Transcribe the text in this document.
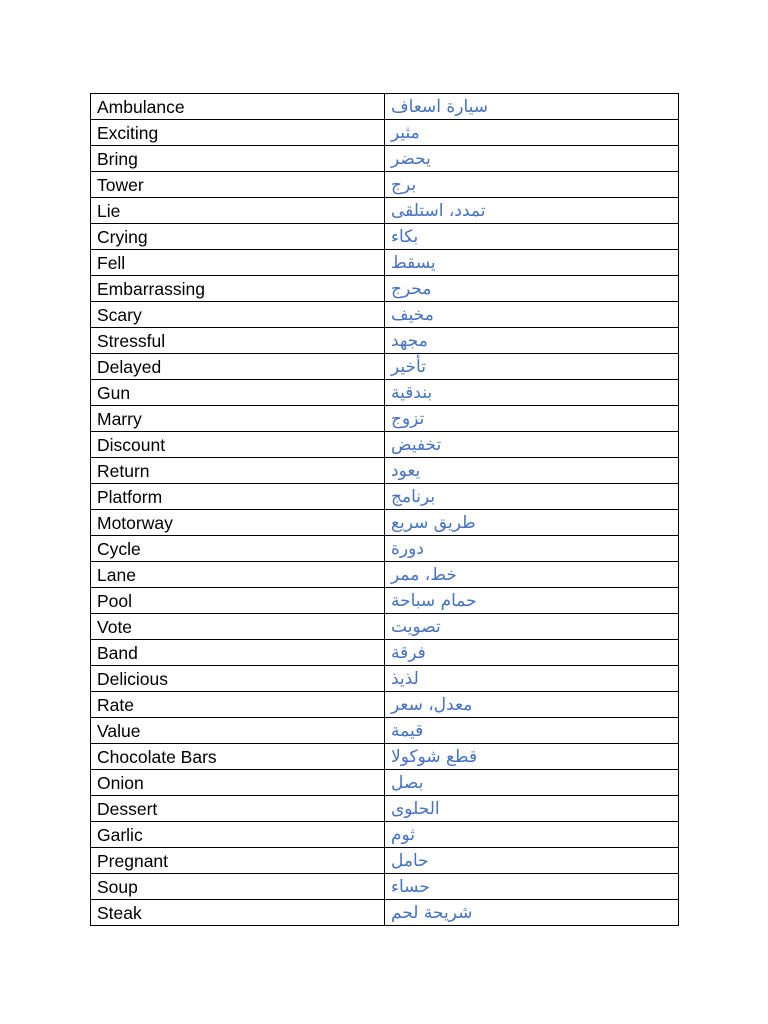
Ambulance	سيارة اسعاف
Exciting	مثير
Bring	يحضر
Tower	برج
Lie	تمدد، استلقى
Crying	بكاء
Fell	يسقط
Embarrassing	محرج
Scary	مخيف
Stressful	مجهد
Delayed	تأخير
Gun	بندقية
Marry	تزوج
Discount	تخفيض
Return	يعود
Platform	برنامج
Motorway	طريق سريع
Cycle	دورة
Lane	خط، ممر
Pool	حمام سباحة
Vote	تصويت
Band	فرقة
Delicious	لذيذ
Rate	معدل، سعر
Value	قيمة
Chocolate Bars	قطع شوكولا
Onion	بصل
Dessert	الحلوى
Garlic	ثوم
Pregnant	حامل
Soup	حساء
Steak	شريحة لحم
